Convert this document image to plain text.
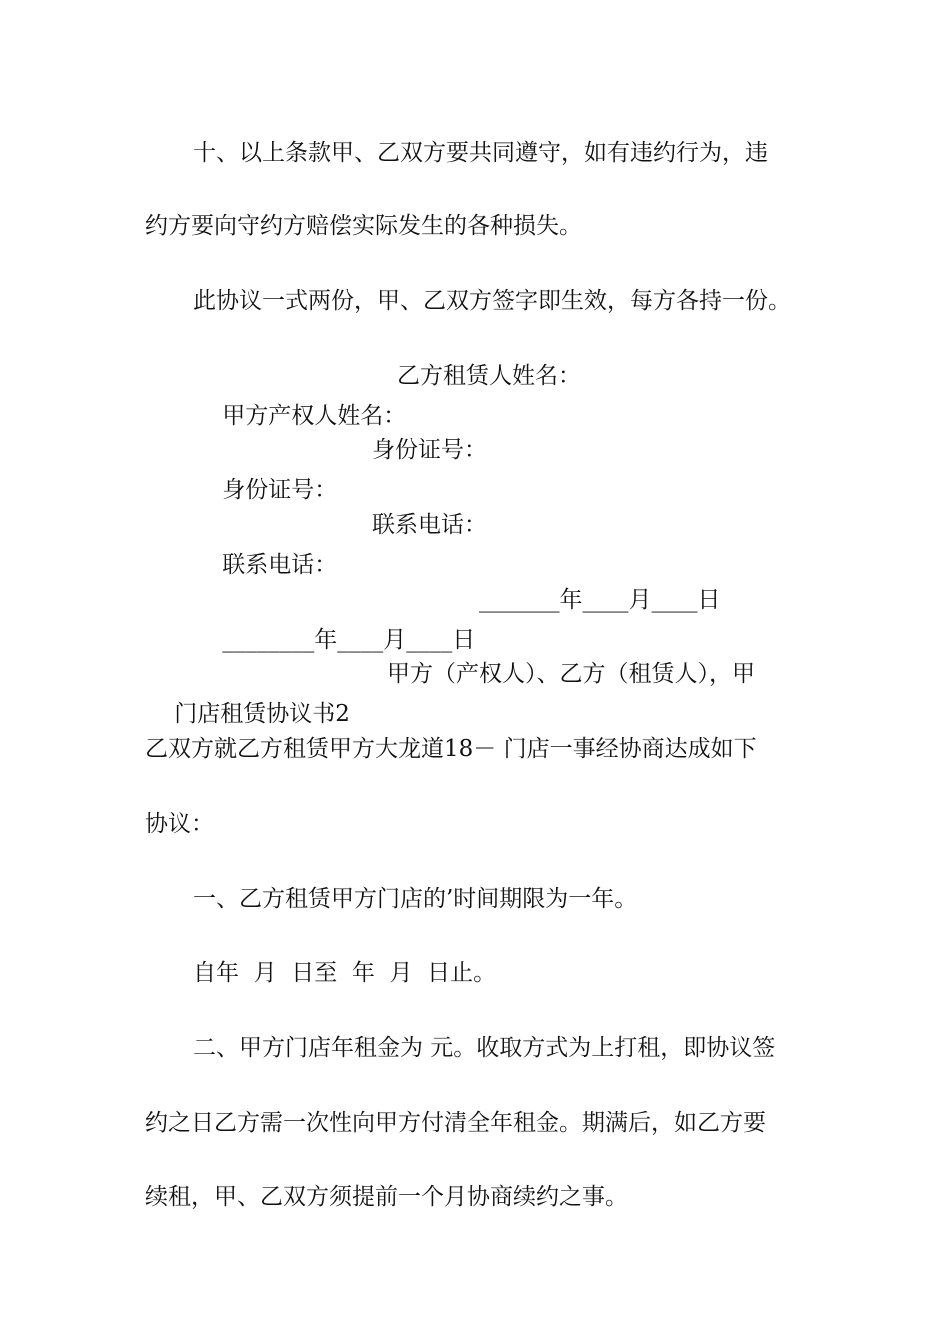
十、以上条款甲、乙双方要共同遵守，如有违约行为，违
约方要向守约方赔偿实际发生的各种损失。
此协议一式两份，甲、乙双方签字即生效，每方各持一份。

甲方产权人姓名：

乙方租赁人姓名：

身份证号：

身份证号：

联系电话：

联系电话：

________年____月____日

_______年____月____日

门店租赁协议书2

甲方（产权人）、乙方（租赁人），甲

乙双方就乙方租赁甲方大龙道18－ 门店一事经协商达成如下
协议：
一、乙方租赁甲方门店的’时间期限为一年。
自年  月  日至  年  月  日止。
二、甲方门店年租金为 元。收取方式为上打租，即协议签
约之日乙方需一次性向甲方付清全年租金。期满后，如乙方要
续租，甲、乙双方须提前一个月协商续约之事。
